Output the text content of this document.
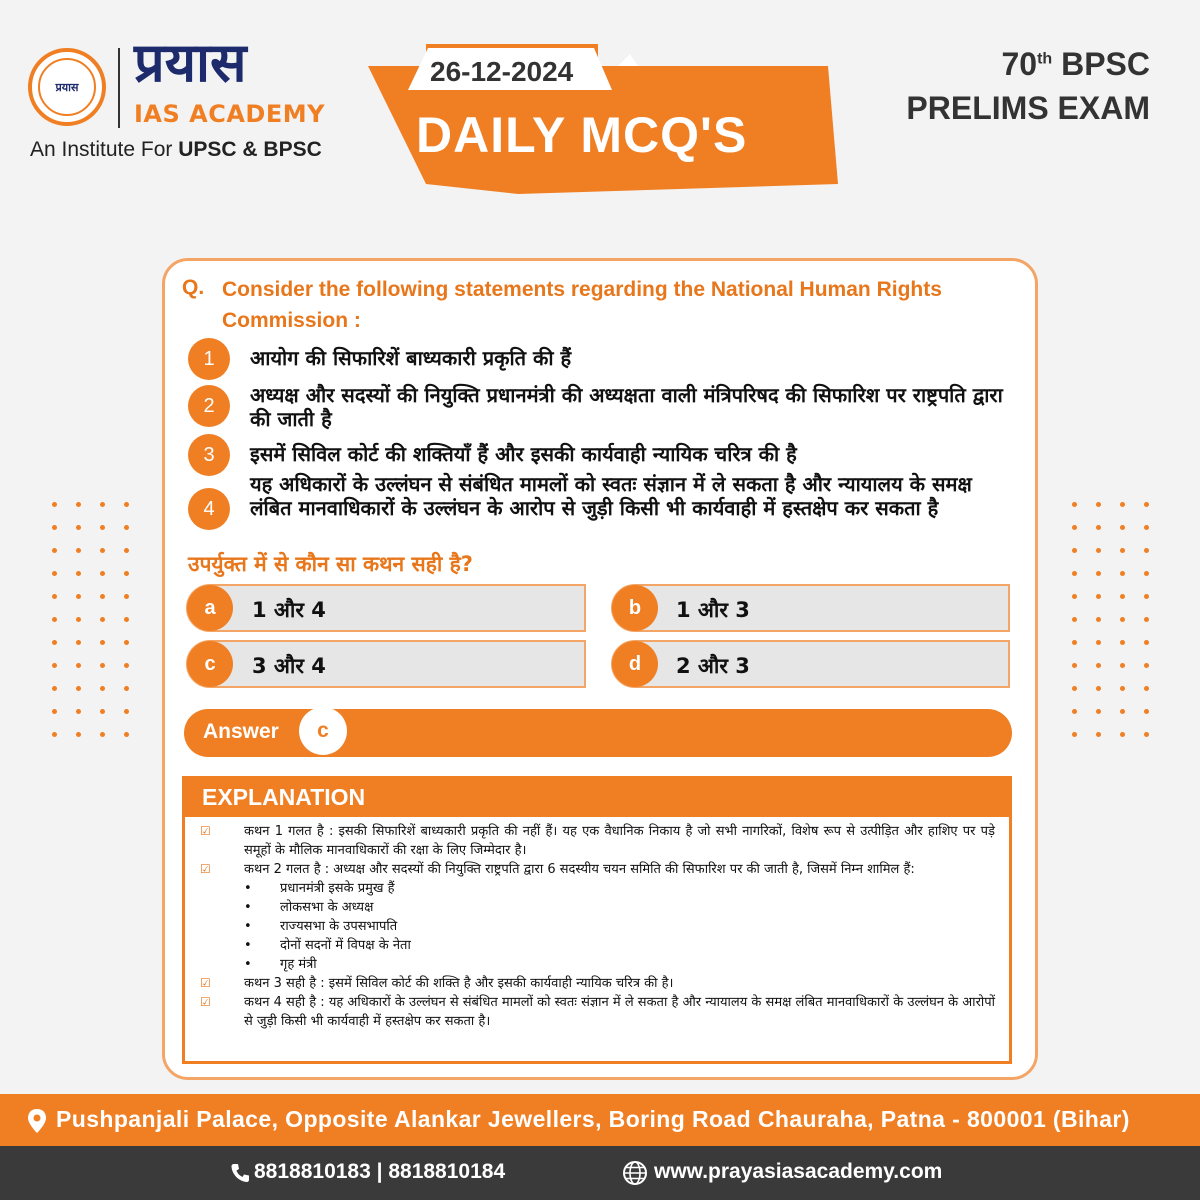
प्रयास	प्रयास
IAS ACADEMY
An Institute For UPSC & BPSC
26-12-2024
DAILY MCQ'S
70th BPSC
PRELIMS EXAM
Q. Consider the following statements regarding the National Human Rights Commission :
1	आयोग की सिफारिशें बाध्यकारी प्रकृति की हैं
2	अध्यक्ष और सदस्यों की नियुक्ति प्रधानमंत्री की अध्यक्षता वाली मंत्रिपरिषद की सिफारिश पर राष्ट्रपति द्वारा की जाती है
3	इसमें सिविल कोर्ट की शक्तियाँ हैं और इसकी कार्यवाही न्यायिक चरित्र की है
4
यह अधिकारों के उल्लंघन से संबंधित मामलों को स्वतः संज्ञान में ले सकता है और न्यायालय के समक्ष लंबित मानवाधिकारों के उल्लंघन के आरोप से जुड़ी किसी भी कार्यवाही में हस्तक्षेप कर सकता है
उपर्युक्त में से कौन सा कथन सही है?
a	1 और 4	b	1 और 3
c	3 और 4	d	2 और 3
Answer	c
EXPLANATION
☑	कथन 1 गलत है : इसकी सिफारिशें बाध्यकारी प्रकृति की नहीं हैं। यह एक वैधानिक निकाय है जो सभी नागरिकों, विशेष रूप से उत्पीड़ित और हाशिए पर पड़े समूहों के मौलिक मानवाधिकारों की रक्षा के लिए जिम्मेदार है।
☑	कथन 2 गलत है : अध्यक्ष और सदस्यों की नियुक्ति राष्ट्रपति द्वारा 6 सदस्यीय चयन समिति की सिफारिश पर की जाती है, जिसमें निम्न शामिल हैं:
•	प्रधानमंत्री इसके प्रमुख हैं
•	लोकसभा के अध्यक्ष
•	राज्यसभा के उपसभापति
•	दोनों सदनों में विपक्ष के नेता
•	गृह मंत्री
☑	कथन 3 सही है : इसमें सिविल कोर्ट की शक्ति है और इसकी कार्यवाही न्यायिक चरित्र की है।
☑	कथन 4 सही है : यह अधिकारों के उल्लंघन से संबंधित मामलों को स्वतः संज्ञान में ले सकता है और न्यायालय के समक्ष लंबित मानवाधिकारों के उल्लंघन के आरोपों से जुड़ी किसी भी कार्यवाही में हस्तक्षेप कर सकता है।
Pushpanjali Palace, Opposite Alankar Jewellers, Boring Road Chauraha, Patna - 800001 (Bihar)
8818810183 | 8818810184	www.prayasiasacademy.com
